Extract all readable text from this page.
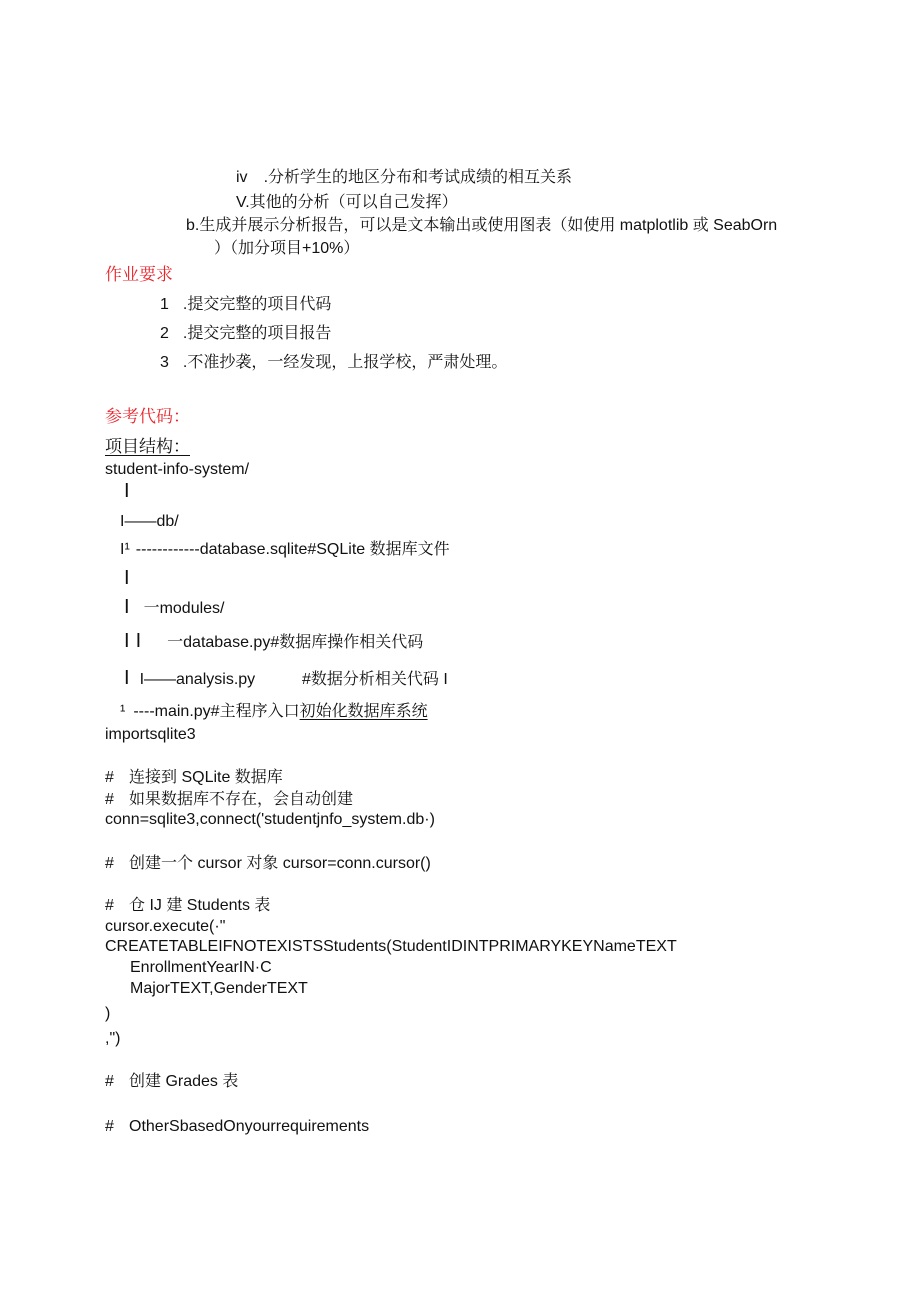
iv .分析学生的地区分布和考试成绩的相互关系
V.其他的分析（可以自己发挥）
b.生成并展示分析报告，可以是文本输出或使用图表（如使用 matplotlib 或 SeabOrn
）（加分项目+10%）
作业要求
1 .提交完整的项目代码
2 .提交完整的项目报告
3 .不准抄袭，一经发现，上报学校，严肃处理。
参考代码：
项目结构：
student-info-system/
I
I——db/
I¹ ------------database.sqlite#SQLite 数据库文件
I
I 一modules/
I I 一database.py#数据库操作相关代码
I I——analysis.py	#数据分析相关代码 I
¹ ----main.py#主程序入口初始化数据库系统
importsqlite3
# 连接到 SQLite 数据库
# 如果数据库不存在，会自动创建
conn=sqlite3,connect('studentjnfo_system.db·)
# 创建一个 cursor 对象 cursor=conn.cursor()
# 仓 IJ 建 Students 表
cursor.execute(·"
CREATETABLEIFNOTEXISTSStudents(StudentIDINTPRIMARYKEYNameTEXT
EnrollmentYearIN·C
MajorTEXT,GenderTEXT
)
,")
# 创建 Grades 表
# OtherSbasedOnyourrequirements
